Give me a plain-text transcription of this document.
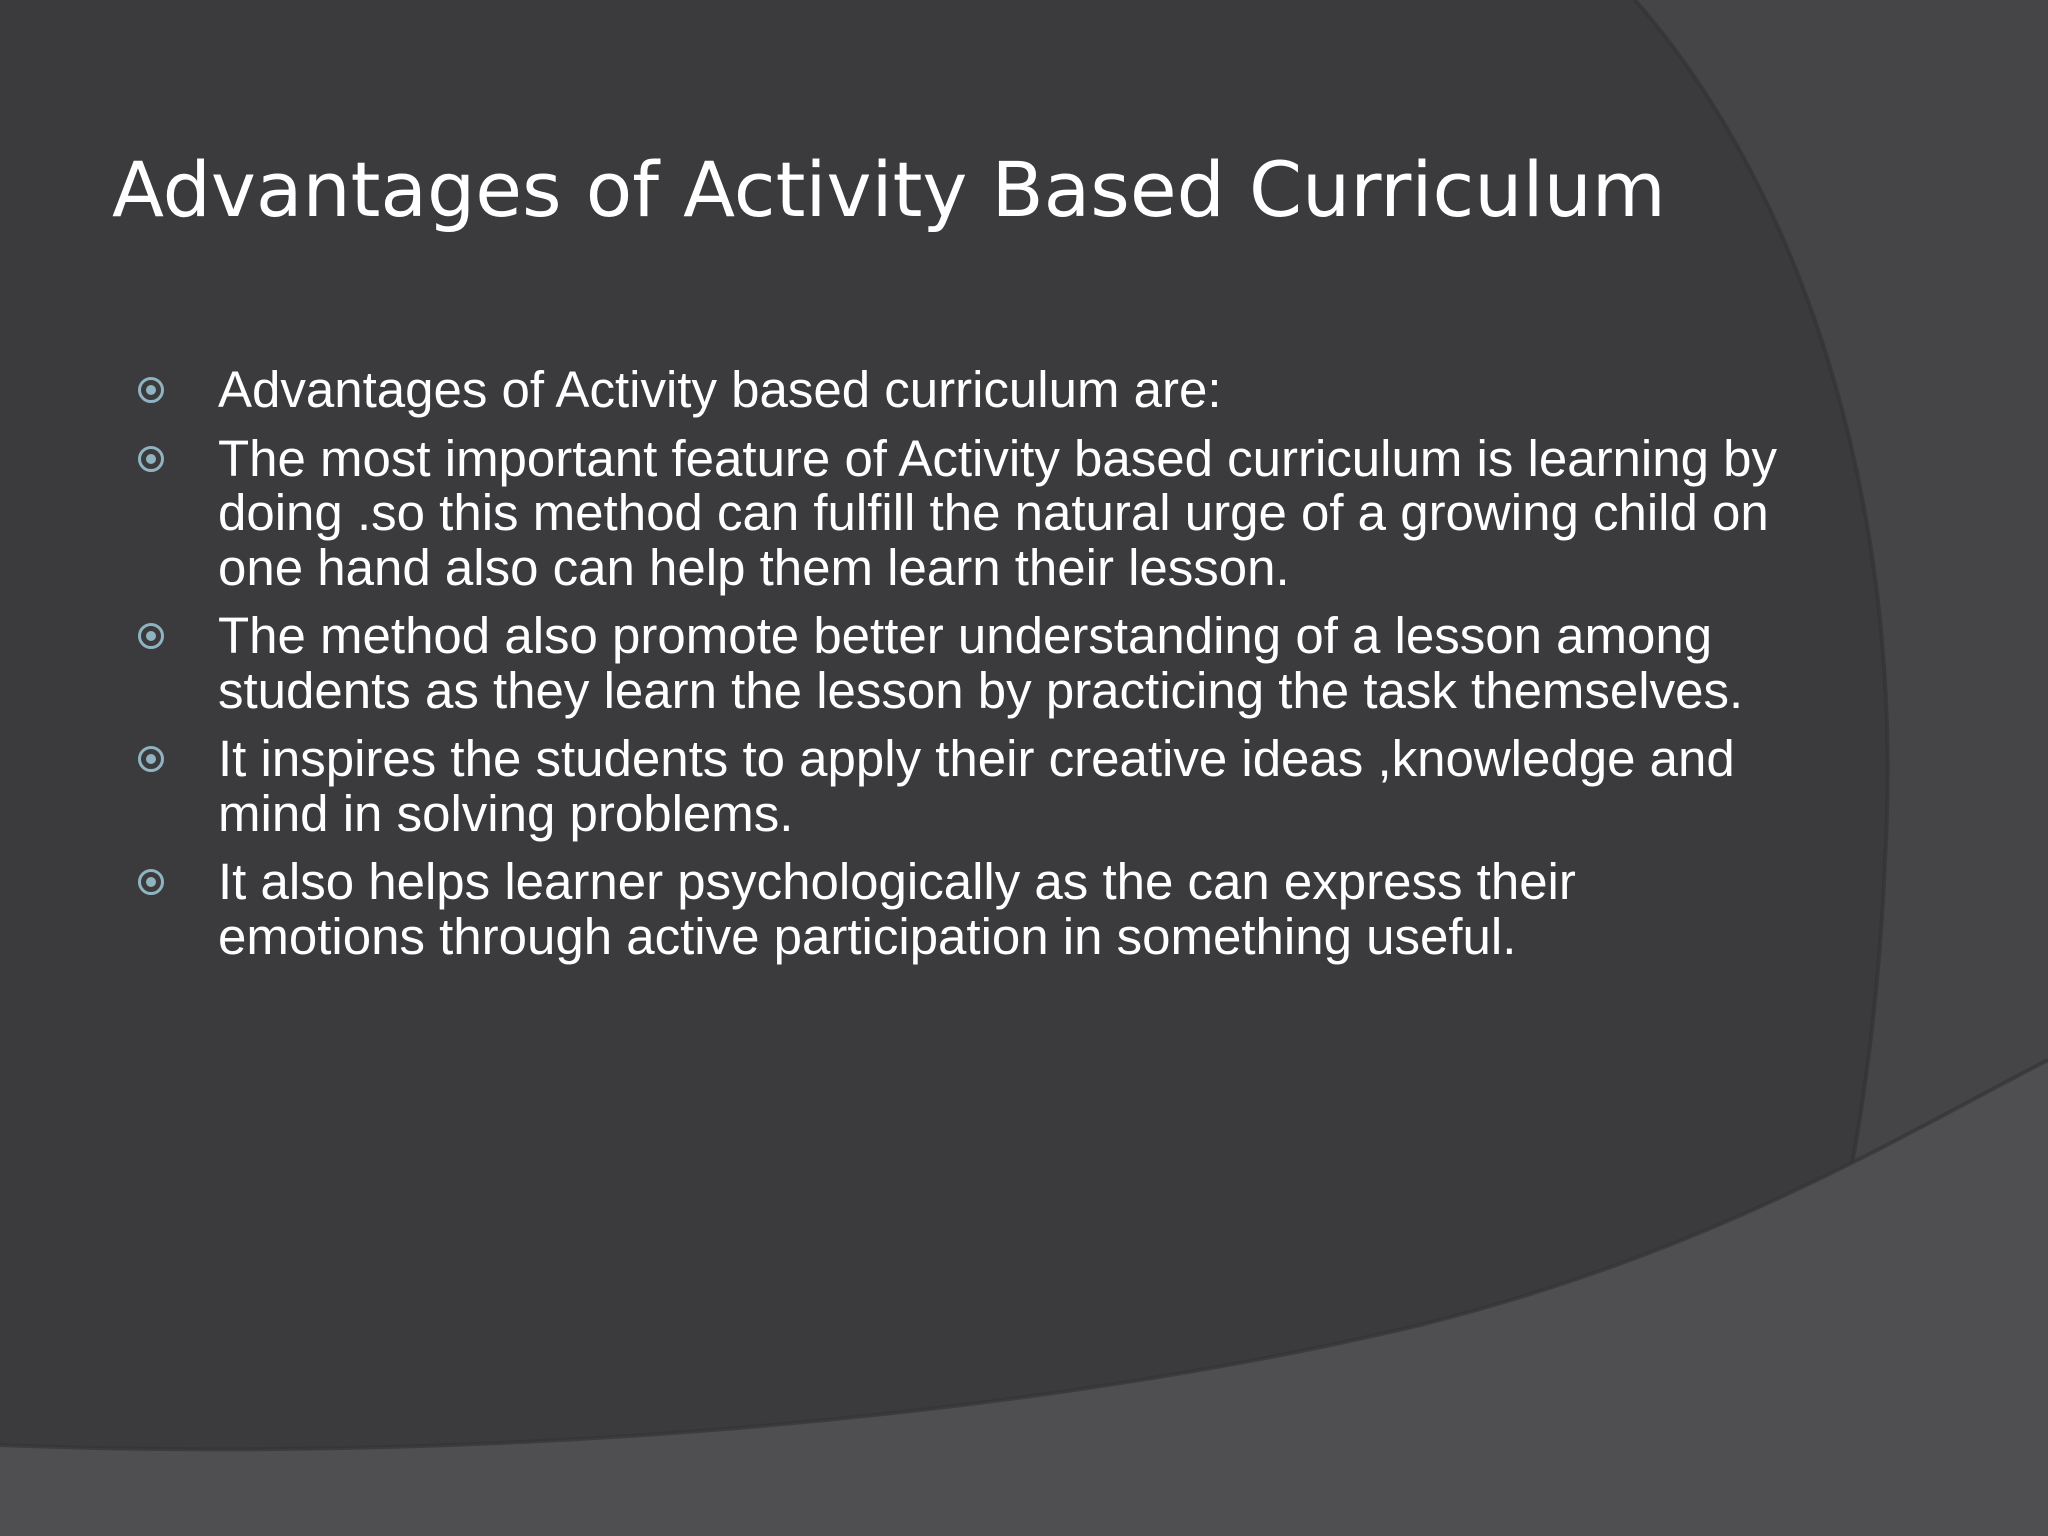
Advantages of Activity Based Curriculum
Advantages of Activity based curriculum are:
The most important feature of Activity based curriculum is learning by doing .so this method can fulfill the natural urge of a growing child on one hand also can help them learn their lesson.
The method also promote better understanding of a lesson among students as they learn the lesson by practicing the task themselves.
It inspires the students to apply their creative ideas ,knowledge and mind in solving problems.
It also helps learner psychologically as the can express their emotions through active participation in something useful.
